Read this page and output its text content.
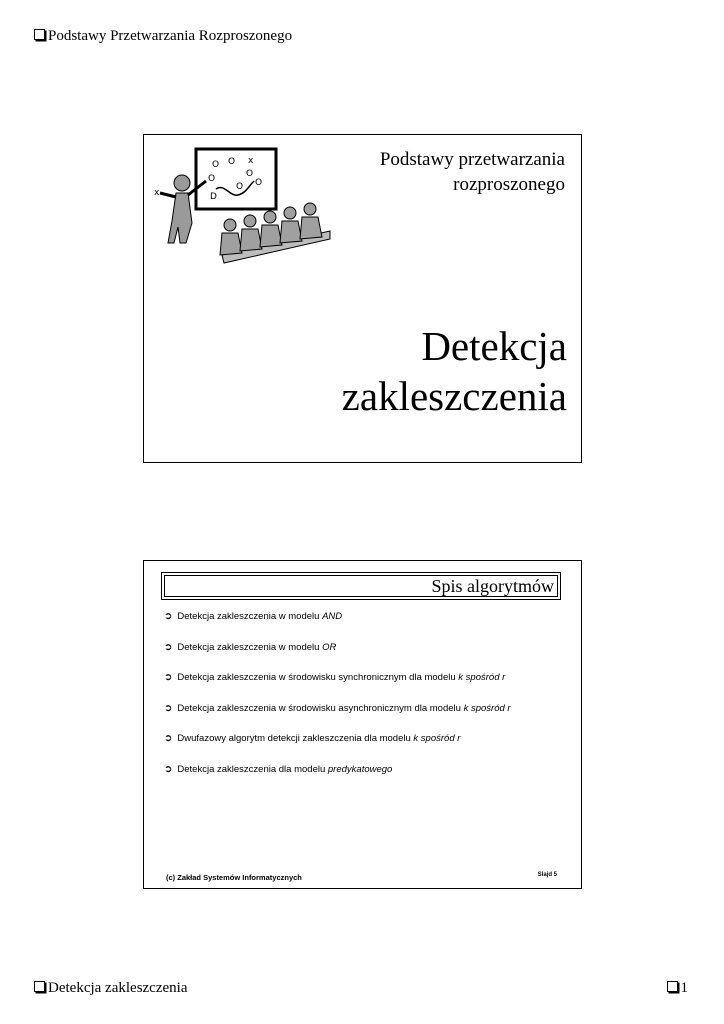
Podstawy Przetwarzania Rozproszonego
O O x
O	O
O
O
D
x
Podstawy przetwarzania
rozproszonego
Detekcja
zakleszczenia
Spis algorytmów
➲ Detekcja zakleszczenia w modelu AND
➲ Detekcja zakleszczenia w modelu OR
➲ Detekcja zakleszczenia w środowisku synchronicznym dla modelu k spośród r
➲ Detekcja zakleszczenia w środowisku asynchronicznym dla modelu k spośród r
➲ Dwufazowy algorytm detekcji zakleszczenia dla modelu k spośród r
➲ Detekcja zakleszczenia dla modelu predykatowego
(c) Zakład Systemów Informatycznych	Slajd 5
Detekcja zakleszczenia	1
